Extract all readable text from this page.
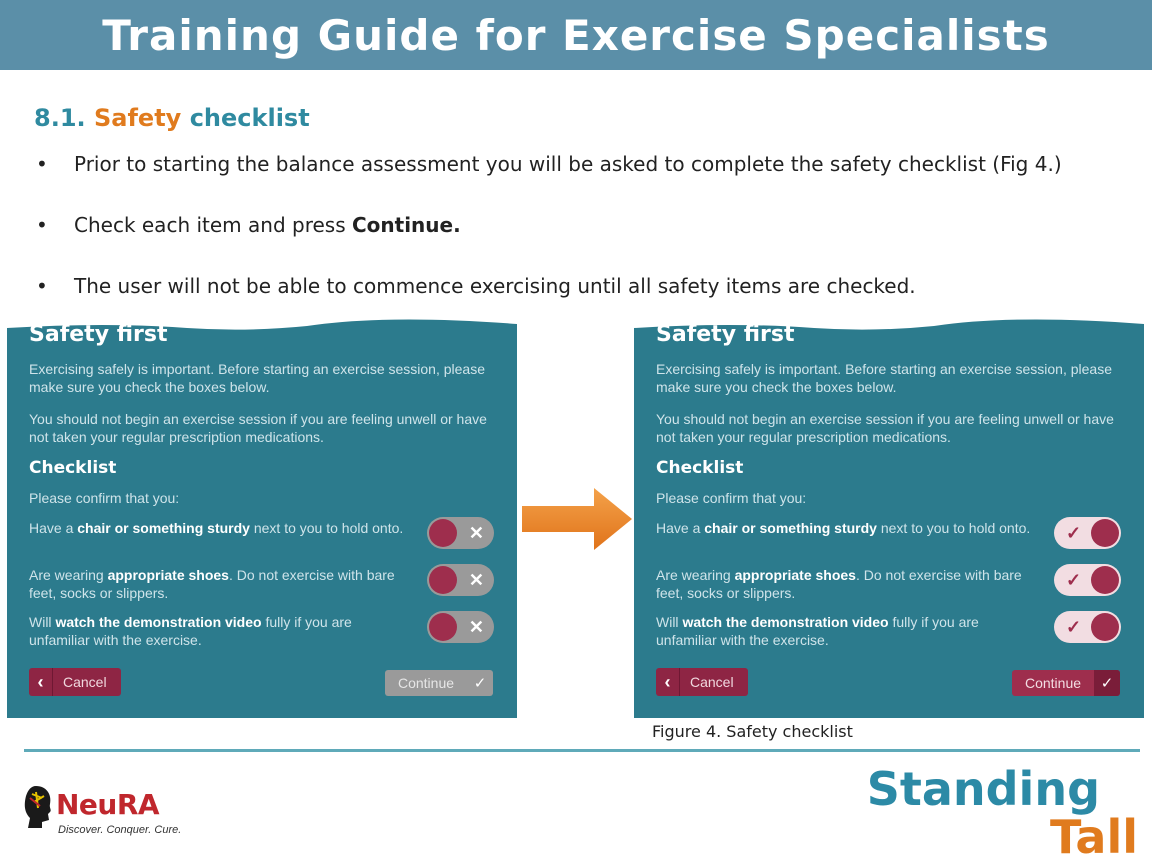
Training Guide for Exercise Specialists
8.1. Safety checklist
• Prior to starting the balance assessment you will be asked to complete the safety checklist (Fig 4.)
• Check each item and press Continue.
• The user will not be able to commence exercising until all safety items are checked.
Safety first

Exercising safely is important. Before starting an exercise session, please make sure you check the boxes below.

You should not begin an exercise session if you are feeling unwell or have not taken your regular prescription medications.

Checklist

Please confirm that you:

Have a chair or something sturdy next to you to hold onto.	✕

Are wearing appropriate shoes. Do not exercise with bare feet, socks or slippers.

✕

Will watch the demonstration video fully if you are unfamiliar with the exercise.

✕
‹	Cancel	Continue	✓
Safety first

Exercising safely is important. Before starting an exercise session, please make sure you check the boxes below.

You should not begin an exercise session if you are feeling unwell or have not taken your regular prescription medications.

Checklist

Please confirm that you:

Have a chair or something sturdy next to you to hold onto.	✓

Are wearing appropriate shoes. Do not exercise with bare feet, socks or slippers.

✓

Will watch the demonstration video fully if you are unfamiliar with the exercise.

✓
‹	Cancel	Continue	✓
Figure 4. Safety checklist
NeuRA
Discover. Conquer. Cure.
Standing
Tall
